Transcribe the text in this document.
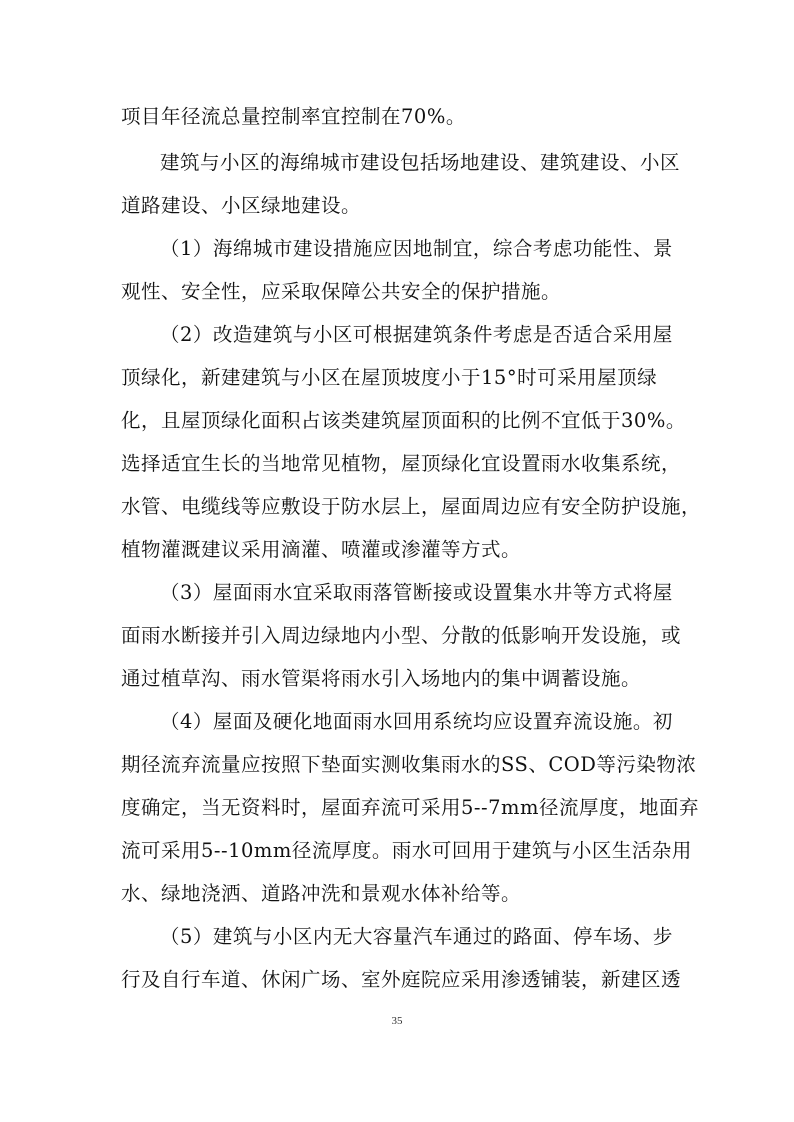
项目年径流总量控制率宜控制在70%。
建筑与小区的海绵城市建设包括场地建设、建筑建设、小区
道路建设、小区绿地建设。
（1）海绵城市建设措施应因地制宜，综合考虑功能性、景
观性、安全性，应采取保障公共安全的保护措施。
（2）改造建筑与小区可根据建筑条件考虑是否适合采用屋
顶绿化，新建建筑与小区在屋顶坡度小于15°时可采用屋顶绿
化，且屋顶绿化面积占该类建筑屋顶面积的比例不宜低于30%。
选择适宜生长的当地常见植物，屋顶绿化宜设置雨水收集系统，
水管、电缆线等应敷设于防水层上，屋面周边应有安全防护设施，
植物灌溉建议采用滴灌、喷灌或渗灌等方式。
（3）屋面雨水宜采取雨落管断接或设置集水井等方式将屋
面雨水断接并引入周边绿地内小型、分散的低影响开发设施，或
通过植草沟、雨水管渠将雨水引入场地内的集中调蓄设施。
（4）屋面及硬化地面雨水回用系统均应设置弃流设施。初
期径流弃流量应按照下垫面实测收集雨水的SS、COD等污染物浓
度确定，当无资料时，屋面弃流可采用5--7mm径流厚度，地面弃
流可采用5--10mm径流厚度。雨水可回用于建筑与小区生活杂用
水、绿地浇洒、道路冲洗和景观水体补给等。
（5）建筑与小区内无大容量汽车通过的路面、停车场、步
行及自行车道、休闲广场、室外庭院应采用渗透铺装，新建区透
35
